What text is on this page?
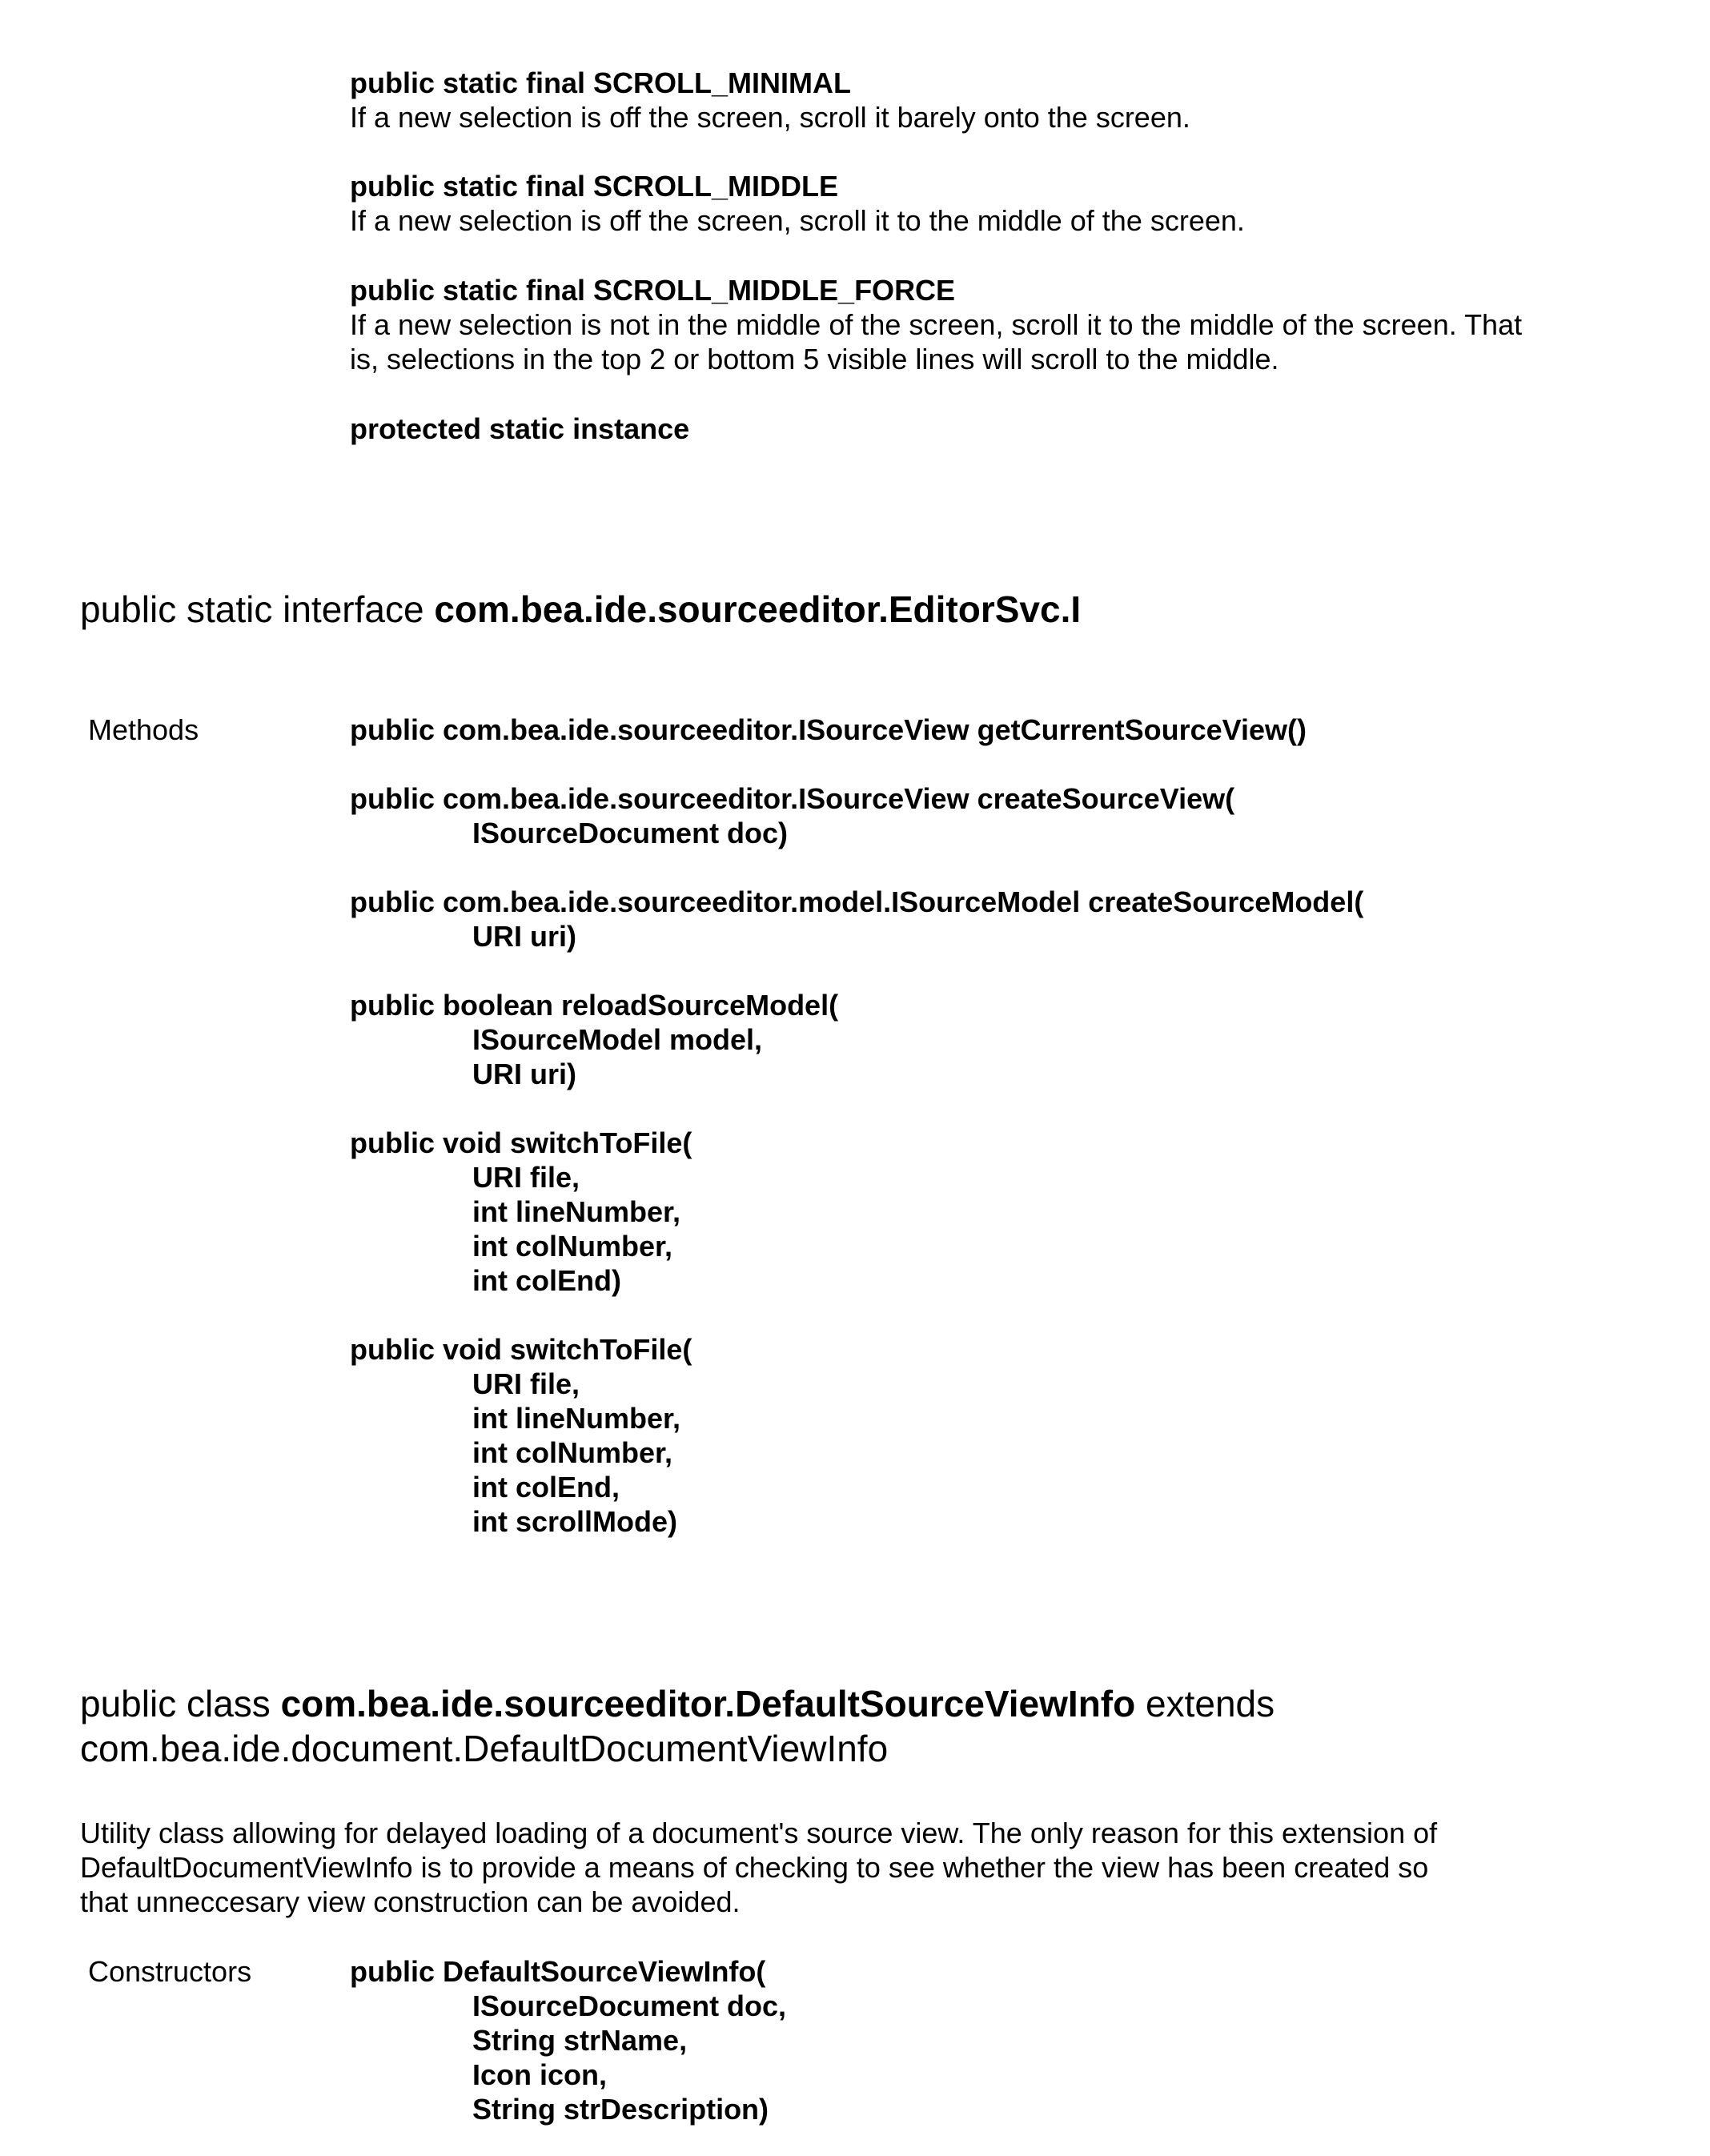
public static final SCROLL_MINIMAL
If a new selection is off the screen, scroll it barely onto the screen.
public static final SCROLL_MIDDLE
If a new selection is off the screen, scroll it to the middle of the screen.
public static final SCROLL_MIDDLE_FORCE
If a new selection is not in the middle of the screen, scroll it to the middle of the screen. That
is, selections in the top 2 or bottom 5 visible lines will scroll to the middle.
protected static instance
public static interface com.bea.ide.sourceeditor.EditorSvc.I
Methods	public com.bea.ide.sourceeditor.ISourceView getCurrentSourceView()
public com.bea.ide.sourceeditor.ISourceView createSourceView(
ISourceDocument doc)
public com.bea.ide.sourceeditor.model.ISourceModel createSourceModel(
URI uri)
public boolean reloadSourceModel(
ISourceModel model,
URI uri)
public void switchToFile(
URI file,
int lineNumber,
int colNumber,
int colEnd)
public void switchToFile(
URI file,
int lineNumber,
int colNumber,
int colEnd,
int scrollMode)
public class com.bea.ide.sourceeditor.DefaultSourceViewInfo extends
com.bea.ide.document.DefaultDocumentViewInfo
Utility class allowing for delayed loading of a document's source view. The only reason for this extension of
DefaultDocumentViewInfo is to provide a means of checking to see whether the view has been created so
that unneccesary view construction can be avoided.
Constructors	public DefaultSourceViewInfo(
ISourceDocument doc,
String strName,
Icon icon,
String strDescription)
